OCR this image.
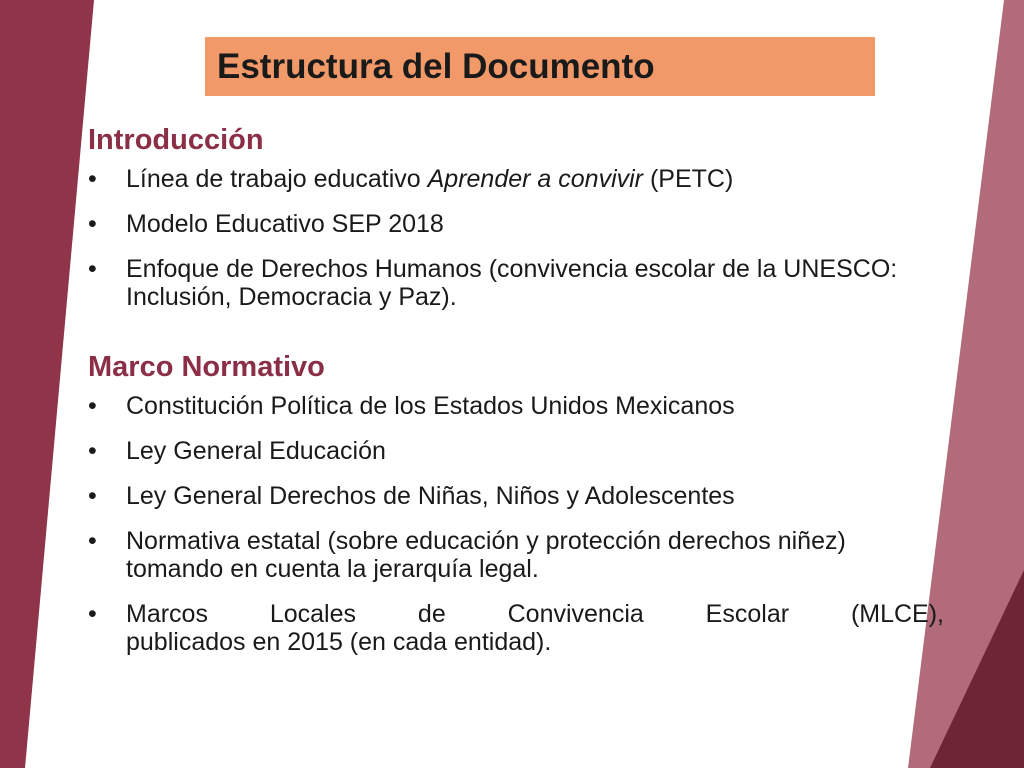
Estructura del Documento
Introducción
• Línea de trabajo educativo Aprender a convivir (PETC)
• Modelo Educativo SEP 2018
• Enfoque de Derechos Humanos (convivencia escolar de la UNESCO: Inclusión, Democracia y Paz).
Marco Normativo
• Constitución Política de los Estados Unidos Mexicanos
• Ley General Educación
• Ley General Derechos de Niñas, Niños y Adolescentes
• Normativa estatal (sobre educación y protección derechos niñez) tomando en cuenta la jerarquía legal.
• Marcos Locales de Convivencia Escolar (MLCE),
publicados en 2015 (en cada entidad).
